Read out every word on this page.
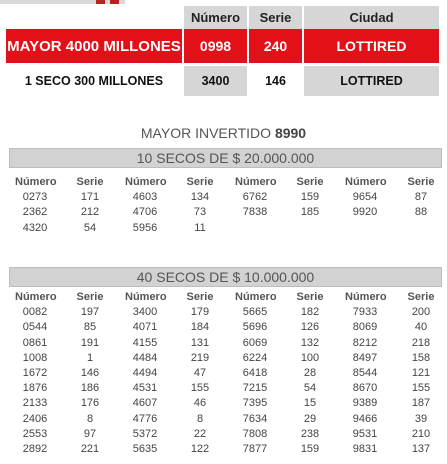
	Número	Serie	Ciudad
MAYOR 4000 MILLONES	0998	240	LOTTIRED

1 SECO 300 MILLONES	3400	146	LOTTIRED
MAYOR INVERTIDO 8990
10 SECOS DE $ 20.000.000
Número	Serie	Número	Serie	Número	Serie	Número	Serie
0273	171	4603	134	6762	159	9654	87
2362	212	4706	73	7838	185	9920	88
4320	54	5956	11
40 SECOS DE $ 10.000.000
Número	Serie	Número	Serie	Número	Serie	Número	Serie
0082	197	3400	179	5665	182	7933	200
0544	85	4071	184	5696	126	8069	40
0861	191	4155	131	6069	132	8212	218
1008	1	4484	219	6224	100	8497	158
1672	146	4494	47	6418	28	8544	121
1876	186	4531	155	7215	54	8670	155
2133	176	4607	46	7395	15	9389	187
2406	8	4776	8	7634	29	9466	39
2553	97	5372	22	7808	238	9531	210
2892	221	5635	122	7877	159	9831	137
